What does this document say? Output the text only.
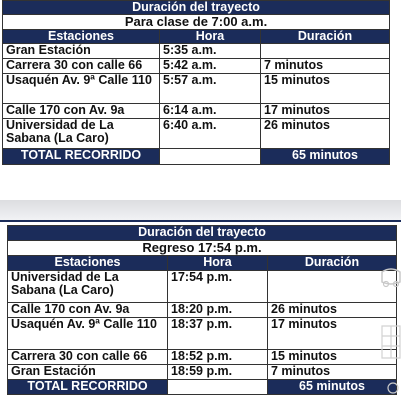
Duración del trayecto		
Para clase de 7:00 a.m.		
Estaciones	Hora	Duración
Gran Estación	5:35 a.m.	
Carrera 30 con calle 66	5:42 a.m.	7 minutos
Usaquén Av. 9ª Calle 110	5:57 a.m.	15 minutos
Calle 170 con Av. 9a	6:14 a.m.	17 minutos
Universidad de La Sabana (La Caro)	6:40 a.m.	26 minutos
TOTAL RECORRIDO		65 minutos
Duración del trayecto		
Regreso 17:54 p.m.		
Estaciones	Hora	Duración
Universidad de La Sabana (La Caro)	17:54 p.m.	
Calle 170 con Av. 9a	18:20 p.m.	26 minutos
Usaquén Av. 9ª Calle 110	18:37 p.m.	17 minutos
Carrera 30 con calle 66	18:52 p.m.	15 minutos
Gran Estación	18:59 p.m.	7 minutos
TOTAL RECORRIDO		65 minutos
